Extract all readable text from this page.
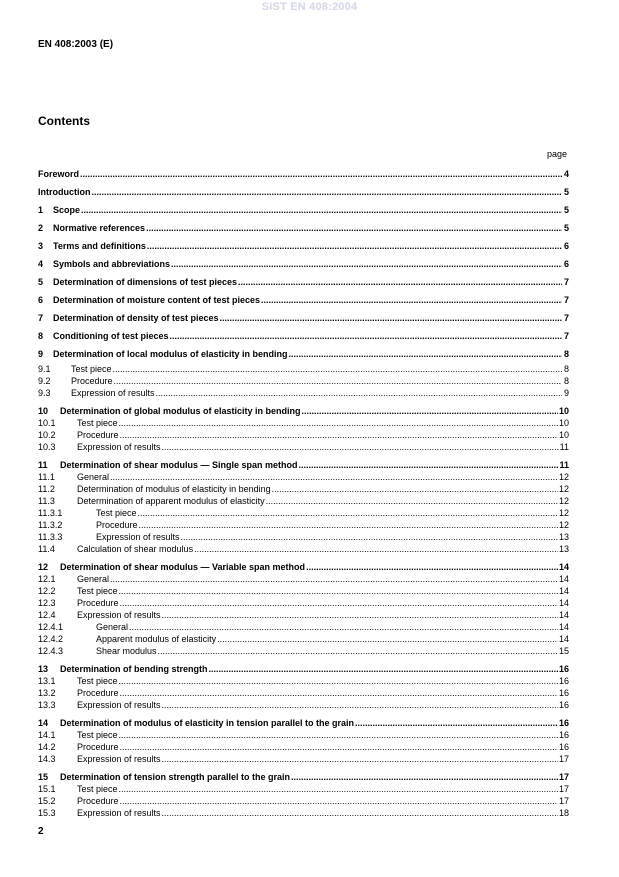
SIST EN 408:2004
EN 408:2003 (E)
Contents
page
Foreword .....	4
Introduction .....	5
1	Scope .....	5
2	Normative references .....	5
3	Terms and definitions .....	6
4	Symbols and abbreviations .....	6
5	Determination of dimensions of test pieces .....	7
6	Determination of moisture content of test pieces .....	7
7	Determination of density of test pieces .....	7
8	Conditioning of test pieces .....	7
9	Determination of local modulus of elasticity in bending .....	8
9.1	Test piece .....	8
9.2	Procedure .....	8
9.3	Expression of results .....	9
10	Determination of global modulus of elasticity in bending .....	10
10.1	Test piece .....	10
10.2	Procedure .....	10
10.3	Expression of results .....	11
11	Determination of shear modulus — Single span method .....	11
11.1	General .....	12
11.2	Determination of modulus of elasticity in bending .....	12
11.3	Determination of apparent modulus of elasticity .....	12
11.3.1	Test piece .....	12
11.3.2	Procedure .....	12
11.3.3	Expression of results .....	13
11.4	Calculation of shear modulus .....	13
12	Determination of shear modulus — Variable span method .....	14
12.1	General .....	14
12.2	Test piece .....	14
12.3	Procedure .....	14
12.4	Expression of results .....	14
12.4.1	General .....	14
12.4.2	Apparent modulus of elasticity .....	14
12.4.3	Shear modulus .....	15
13	Determination of bending strength .....	16
13.1	Test piece .....	16
13.2	Procedure .....	16
13.3	Expression of results .....	16
14	Determination of modulus of elasticity in tension parallel to the grain .....	16
14.1	Test piece .....	16
14.2	Procedure .....	16
14.3	Expression of results .....	17
15	Determination of tension strength parallel to the grain .....	17
15.1	Test piece .....	17
15.2	Procedure .....	17
15.3	Expression of results .....	18
2
